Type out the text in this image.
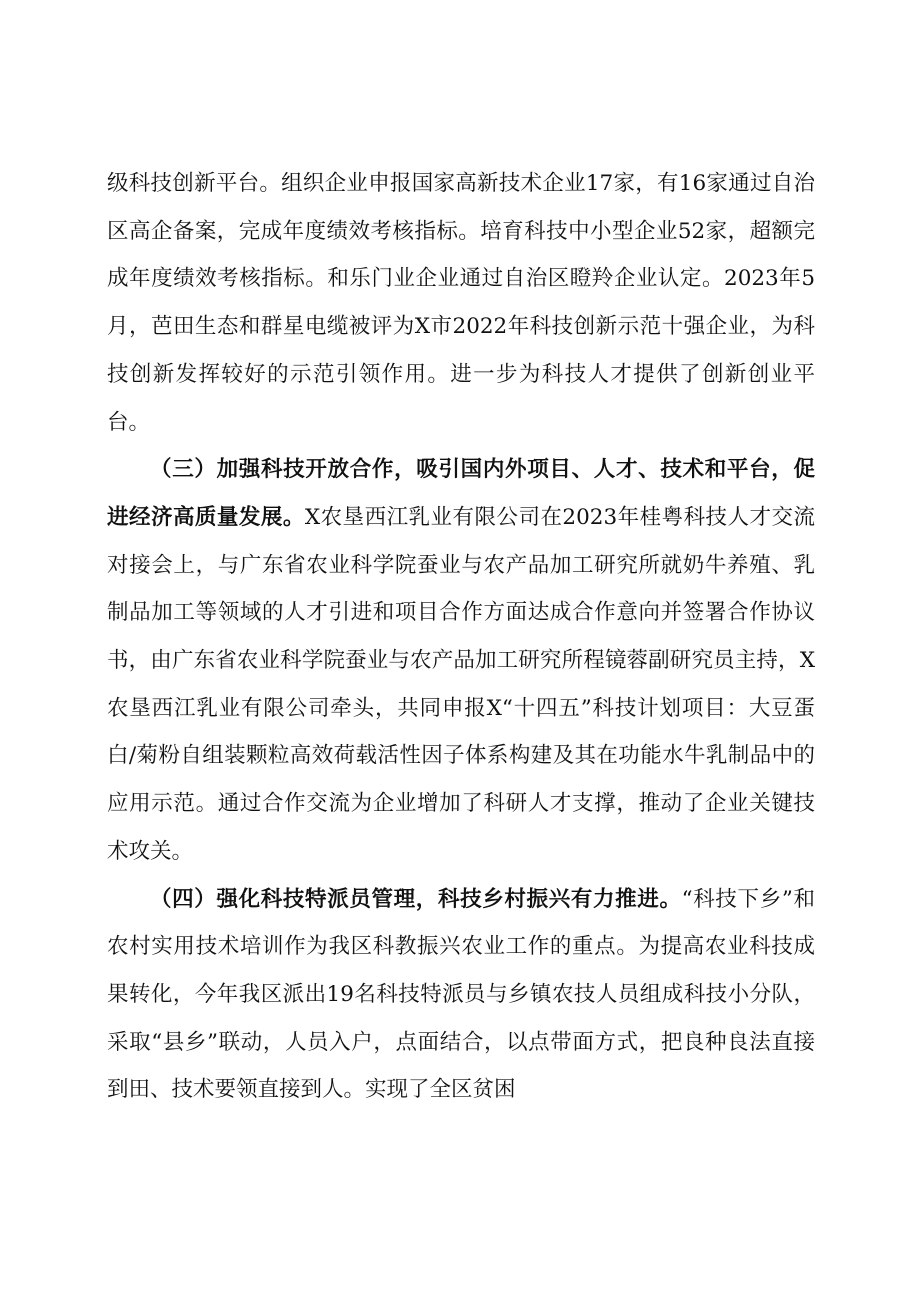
级科技创新平台。组织企业申报国家高新技术企业17家，有16家通过自治区高企备案，完成年度绩效考核指标。培育科技中小型企业52家，超额完成年度绩效考核指标。和乐门业企业通过自治区瞪羚企业认定。2023年5月，芭田生态和群星电缆被评为X市2022年科技创新示范十强企业，为科技创新发挥较好的示范引领作用。进一步为科技人才提供了创新创业平台。

（三）加强科技开放合作，吸引国内外项目、人才、技术和平台，促进经济高质量发展。X农垦西江乳业有限公司在2023年桂粤科技人才交流对接会上，与广东省农业科学院蚕业与农产品加工研究所就奶牛养殖、乳制品加工等领域的人才引进和项目合作方面达成合作意向并签署合作协议书，由广东省农业科学院蚕业与农产品加工研究所程镜蓉副研究员主持，X农垦西江乳业有限公司牵头，共同申报X“十四五”科技计划项目：大豆蛋白/菊粉自组装颗粒高效荷载活性因子体系构建及其在功能水牛乳制品中的应用示范。通过合作交流为企业增加了科研人才支撑，推动了企业关键技术攻关。

（四）强化科技特派员管理，科技乡村振兴有力推进。“科技下乡”和农村实用技术培训作为我区科教振兴农业工作的重点。为提高农业科技成果转化，今年我区派出19名科技特派员与乡镇农技人员组成科技小分队，采取“县乡”联动，人员入户，点面结合，以点带面方式，把良种良法直接到田、技术要领直接到人。实现了全区贫困
